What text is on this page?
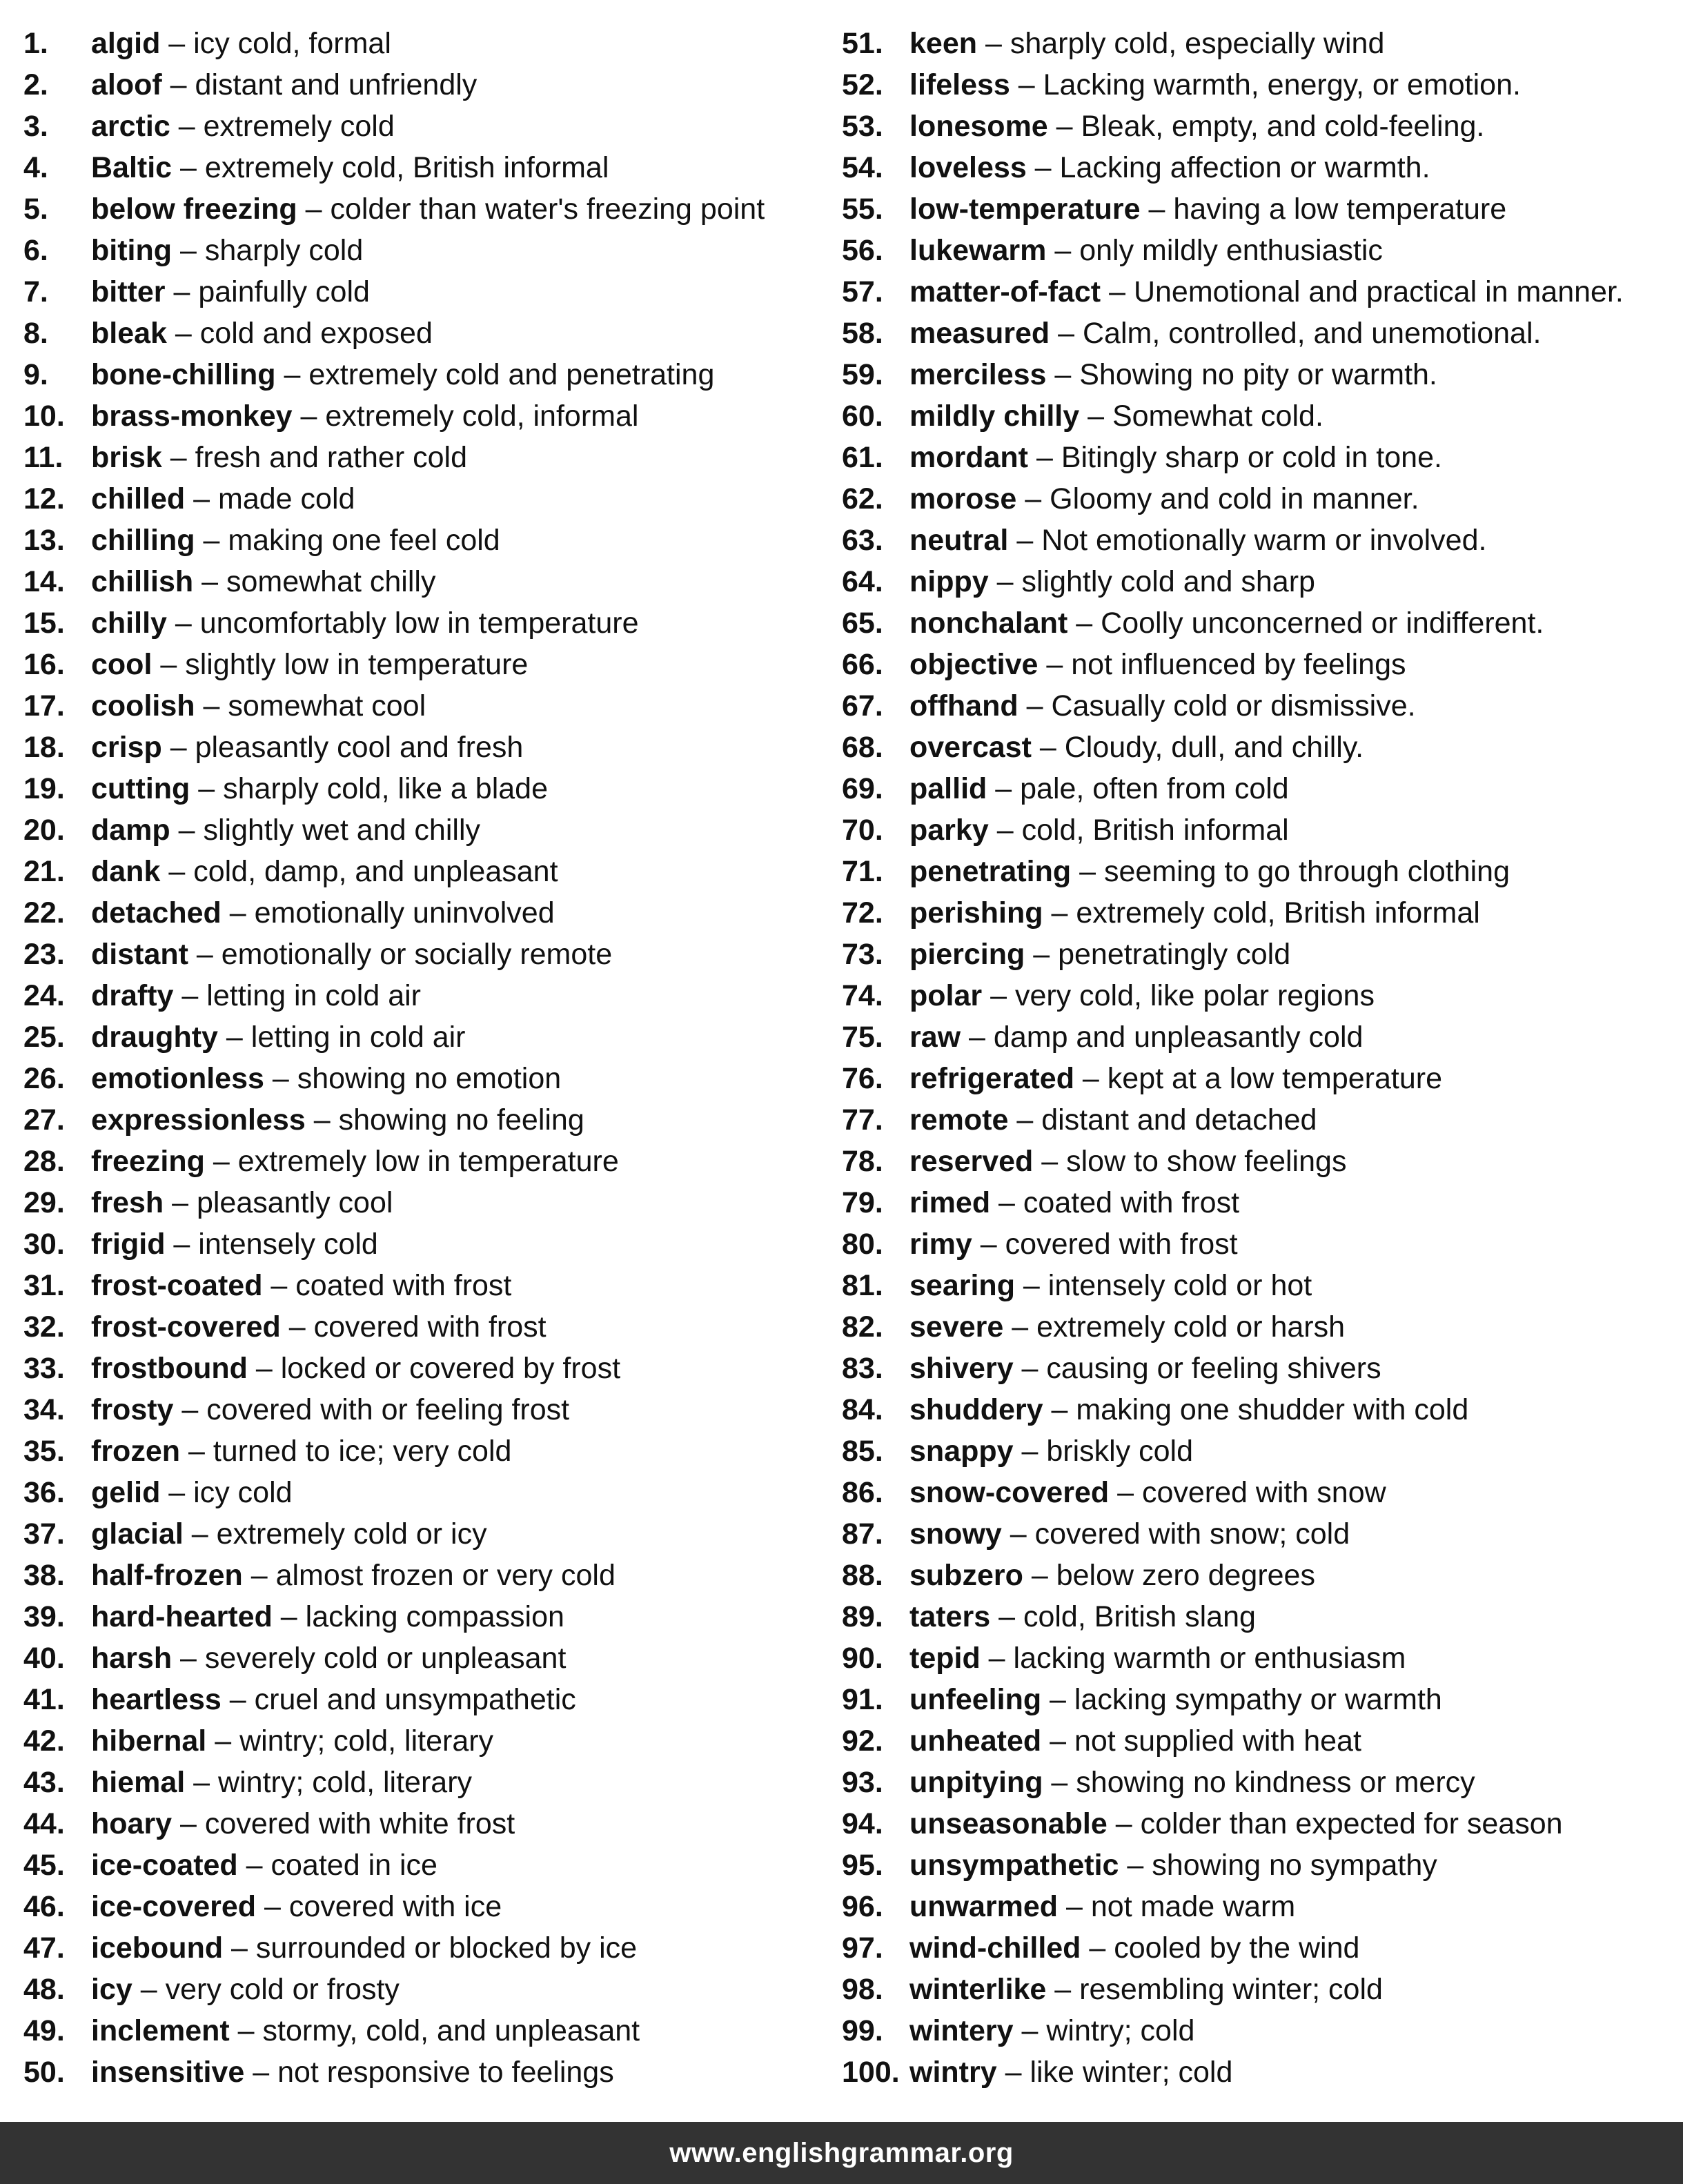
1.	algid – icy cold, formal
2.	aloof – distant and unfriendly
3.	arctic – extremely cold
4.	Baltic – extremely cold, British informal
5.	below freezing – colder than water's freezing point
6.	biting – sharply cold
7.	bitter – painfully cold
8.	bleak – cold and exposed
9.	bone-chilling – extremely cold and penetrating
10. brass-monkey – extremely cold, informal
11. brisk – fresh and rather cold
12. chilled – made cold
13. chilling – making one feel cold
14. chillish – somewhat chilly
15. chilly – uncomfortably low in temperature
16. cool – slightly low in temperature
17. coolish – somewhat cool
18. crisp – pleasantly cool and fresh
19. cutting – sharply cold, like a blade
20. damp – slightly wet and chilly
21. dank – cold, damp, and unpleasant
22. detached – emotionally uninvolved
23. distant – emotionally or socially remote
24. drafty – letting in cold air
25. draughty – letting in cold air
26. emotionless – showing no emotion
27. expressionless – showing no feeling
28. freezing – extremely low in temperature
29. fresh – pleasantly cool
30. frigid – intensely cold
31. frost-coated – coated with frost
32. frost-covered – covered with frost
33. frostbound – locked or covered by frost
34. frosty – covered with or feeling frost
35. frozen – turned to ice; very cold
36. gelid – icy cold
37. glacial – extremely cold or icy
38. half-frozen – almost frozen or very cold
39. hard-hearted – lacking compassion
40. harsh – severely cold or unpleasant
41. heartless – cruel and unsympathetic
42. hibernal – wintry; cold, literary
43. hiemal – wintry; cold, literary
44. hoary – covered with white frost
45. ice-coated – coated in ice
46. ice-covered – covered with ice
47. icebound – surrounded or blocked by ice
48. icy – very cold or frosty
49. inclement – stormy, cold, and unpleasant
50. insensitive – not responsive to feelings
51. keen – sharply cold, especially wind
52. lifeless – Lacking warmth, energy, or emotion.
53. lonesome – Bleak, empty, and cold-feeling.
54. loveless – Lacking affection or warmth.
55. low-temperature – having a low temperature
56. lukewarm – only mildly enthusiastic
57. matter-of-fact – Unemotional and practical in manner.
58. measured – Calm, controlled, and unemotional.
59. merciless – Showing no pity or warmth.
60. mildly chilly – Somewhat cold.
61. mordant – Bitingly sharp or cold in tone.
62. morose – Gloomy and cold in manner.
63. neutral – Not emotionally warm or involved.
64. nippy – slightly cold and sharp
65. nonchalant – Coolly unconcerned or indifferent.
66. objective – not influenced by feelings
67. offhand – Casually cold or dismissive.
68. overcast – Cloudy, dull, and chilly.
69. pallid – pale, often from cold
70. parky – cold, British informal
71. penetrating – seeming to go through clothing
72. perishing – extremely cold, British informal
73. piercing – penetratingly cold
74. polar – very cold, like polar regions
75. raw – damp and unpleasantly cold
76. refrigerated – kept at a low temperature
77. remote – distant and detached
78. reserved – slow to show feelings
79. rimed – coated with frost
80. rimy – covered with frost
81. searing – intensely cold or hot
82. severe – extremely cold or harsh
83. shivery – causing or feeling shivers
84. shuddery – making one shudder with cold
85. snappy – briskly cold
86. snow-covered – covered with snow
87. snowy – covered with snow; cold
88. subzero – below zero degrees
89. taters – cold, British slang
90. tepid – lacking warmth or enthusiasm
91. unfeeling – lacking sympathy or warmth
92. unheated – not supplied with heat
93. unpitying – showing no kindness or mercy
94. unseasonable – colder than expected for season
95. unsympathetic – showing no sympathy
96. unwarmed – not made warm
97. wind-chilled – cooled by the wind
98. winterlike – resembling winter; cold
99. wintery – wintry; cold
100. wintry – like winter; cold
www.englishgrammar.org
